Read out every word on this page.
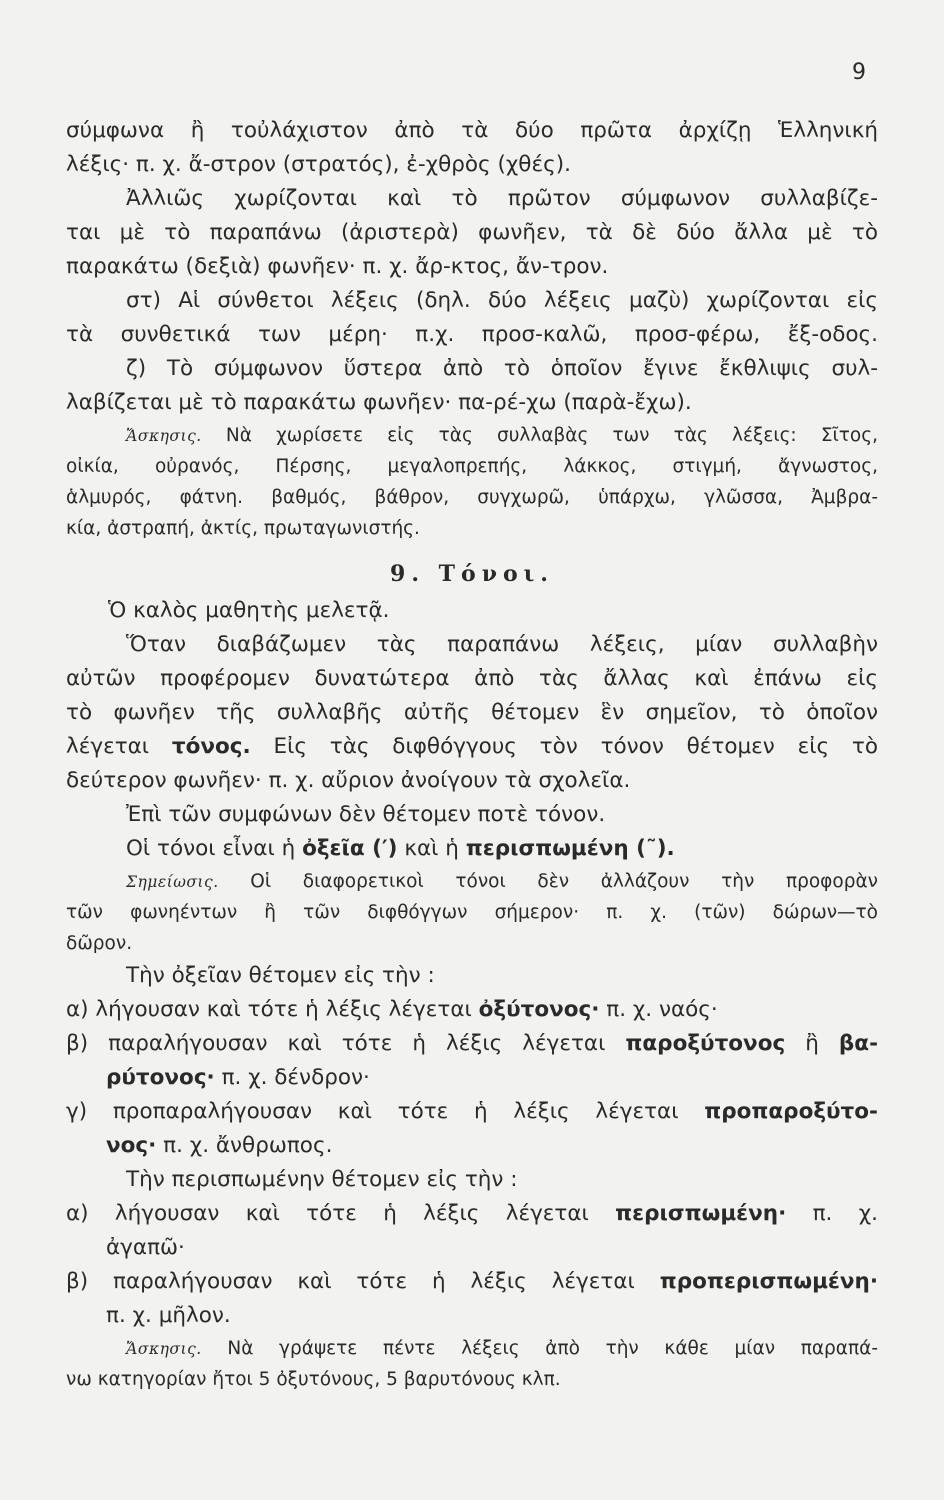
9
σύμφωνα ἢ τοὐλάχιστον ἀπὸ τὰ δύο πρῶτα ἀρχίζῃ Ἑλληνική
λέξις· π. χ. ἄ-στρον (στρατός), ἐ-χθρὸς (χθές).
Ἀλλιῶς χωρίζονται καὶ τὸ πρῶτον σύμφωνον συλλαβίζε-
ται μὲ τὸ παραπάνω (ἀριστερὰ) φωνῆεν, τὰ δὲ δύο ἄλλα μὲ τὸ
παρακάτω (δεξιὰ) φωνῆεν· π. χ. ἄρ-κτος, ἄν-τρον.
στ) Αἱ σύνθετοι λέξεις (δηλ. δύο λέξεις μαζὺ) χωρίζονται εἰς
τὰ συνθετικά των μέρη· π.χ. προσ-καλῶ, προσ-φέρω, ἔξ-οδος.
ζ) Τὸ σύμφωνον ὕστερα ἀπὸ τὸ ὁποῖον ἔγινε ἔκθλιψις συλ-
λαβίζεται μὲ τὸ παρακάτω φωνῆεν· πα-ρέ-χω (παρὰ-ἔχω).
Ἄσκησις. Νὰ χωρίσετε εἰς τὰς συλλαβὰς των τὰς λέξεις: Σῖτος,
οἰκία, οὐρανός, Πέρσης, μεγαλοπρεπής, λάκκος, στιγμή, ἄγνωστος,
ἁλμυρός, φάτνη. βαθμός, βάθρον, συγχωρῶ, ὑπάρχω, γλῶσσα, Ἀμβρα-
κία, ἀστραπή, ἀκτίς, πρωταγωνιστής.
9. Τόνοι.
Ὁ καλὸς μαθητὴς μελετᾷ.
Ὅταν διαβάζωμεν τὰς παραπάνω λέξεις, μίαν συλλαβὴν
αὐτῶν προφέρομεν δυνατώτερα ἀπὸ τὰς ἄλλας καὶ ἐπάνω εἰς
τὸ φωνῆεν τῆς συλλαβῆς αὐτῆς θέτομεν ἓν σημεῖον, τὸ ὁποῖον
λέγεται τόνος. Εἰς τὰς διφθόγγους τὸν τόνον θέτομεν εἰς τὸ
δεύτερον φωνῆεν· π. χ. αὔριον ἀνοίγουν τὰ σχολεῖα.
Ἐπὶ τῶν συμφώνων δὲν θέτομεν ποτὲ τόνον.
Οἱ τόνοι εἶναι ἡ ὀξεῖα (′) καὶ ἡ περισπωμένη (῀).
Σημείωσις. Οἱ διαφορετικοὶ τόνοι δὲν ἀλλάζουν τὴν προφορὰν
τῶν φωνηέντων ἢ τῶν διφθόγγων σήμερον· π. χ. (τῶν) δώρων—τὸ
δῶρον.
Τὴν ὀξεῖαν θέτομεν εἰς τὴν :
α) λήγουσαν καὶ τότε ἡ λέξις λέγεται ὀξύτονος· π. χ. ναός·
β) παραλήγουσαν καὶ τότε ἡ λέξις λέγεται παροξύτονος ἢ βα-
ρύτονος· π. χ. δένδρον·
γ) προπαραλήγουσαν καὶ τότε ἡ λέξις λέγεται προπαροξύτο-
νος· π. χ. ἄνθρωπος.
Τὴν περισπωμένην θέτομεν εἰς τὴν :
α) λήγουσαν καὶ τότε ἡ λέξις λέγεται περισπωμένη· π. χ.
ἀγαπῶ·
β) παραλήγουσαν καὶ τότε ἡ λέξις λέγεται προπερισπωμένη·
π. χ. μῆλον.
Ἄσκησις. Νὰ γράψετε πέντε λέξεις ἀπὸ τὴν κάθε μίαν παραπά-
νω κατηγορίαν ἤτοι 5 ὀξυτόνους, 5 βαρυτόνους κλπ.
